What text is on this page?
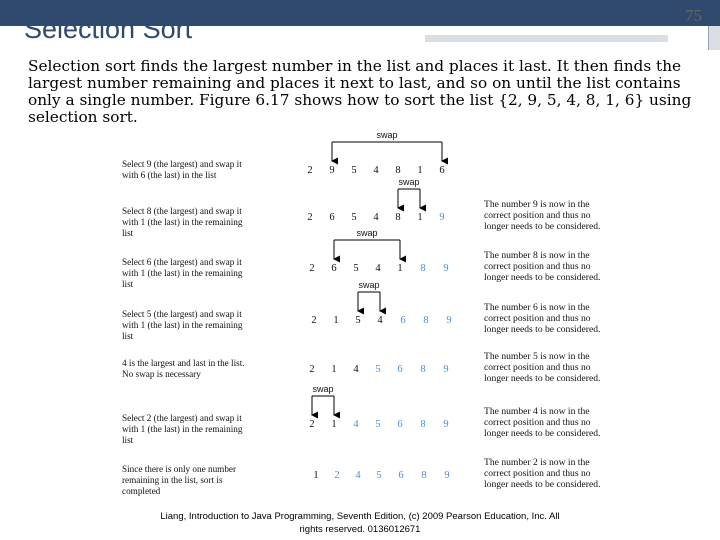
Selection Sort	75

Selection sort finds the largest number in the list and places it last. It then finds the largest number remaining and places it next to last, and so on until the list contains only a single number. Figure 6.17 shows how to sort the list {2, 9, 5, 4, 8, 1, 6} using selection sort.

Select 9 (the largest) and swap it
with 6 (the last) in the list	2 9 5 4 8 1 6
swap
Select 8 (the largest) and swap it
with 1 (the last) in the remaining
list
The number 9 is now in the
correct position and thus no
longer needs to be considered.
2 6 5 4 8 1 9
swap
Select 6 (the largest) and swap it
with 1 (the last) in the remaining
list
The number 8 is now in the
correct position and thus no
longer needs to be considered.
2 6 5 4 1 8 9
swap
Select 5 (the largest) and swap it
with 1 (the last) in the remaining
list
The number 6 is now in the
correct position and thus no
longer needs to be considered.
2 1 5 4 6 8 9
swap
4 is the largest and last in the list.
No swap is necessary
The number 5 is now in the
correct position and thus no
longer needs to be considered.
2 1 4 5 6 8 9
Select 2 (the largest) and swap it
with 1 (the last) in the remaining
list
The number 4 is now in the
correct position and thus no
longer needs to be considered.
2 1 4 5 6 8 9
swap
Since there is only one number
remaining in the list, sort is
completed
The number 2 is now in the
correct position and thus no
longer needs to be considered.
1 2 4 5 6 8 9
Liang, Introduction to Java Programming, Seventh Edition, (c) 2009 Pearson Education, Inc. All
rights reserved. 0136012671
